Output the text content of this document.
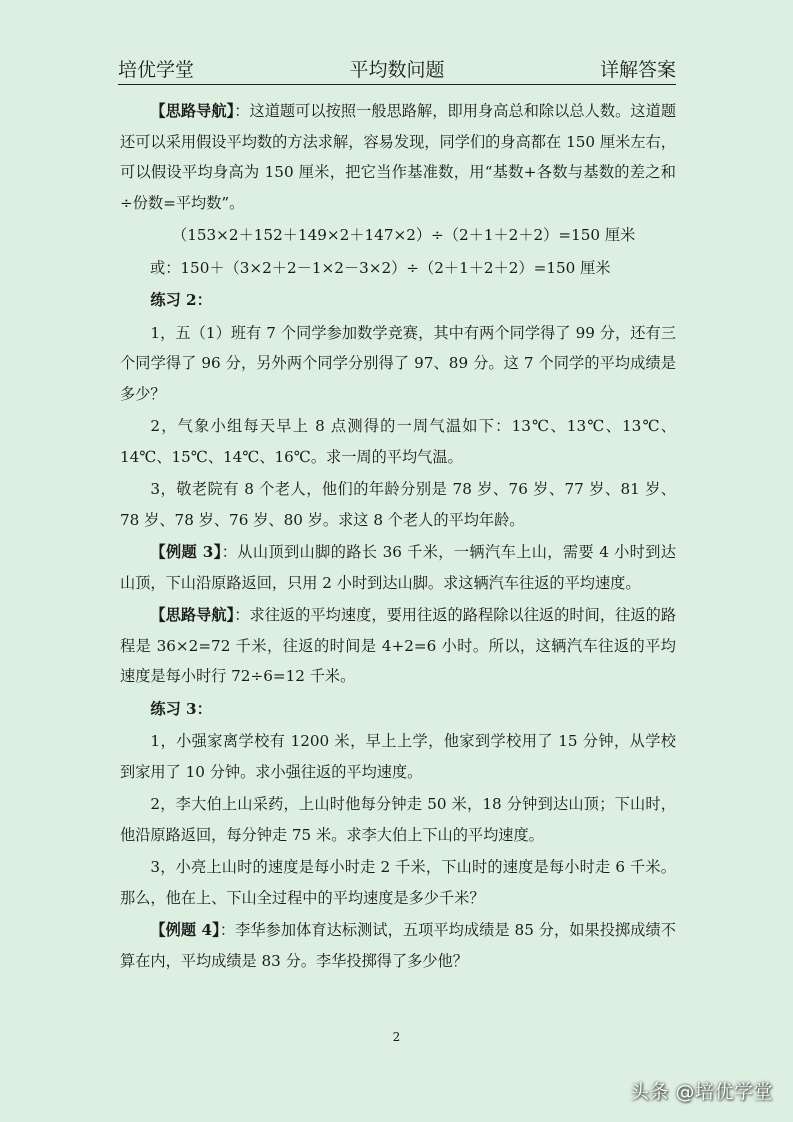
培优学堂	平均数问题	详解答案

【思路导航】：这道题可以按照一般思路解，即用身高总和除以总人数。这道题还可以采用假设平均数的方法求解，容易发现，同学们的身高都在 150 厘米左右，可以假设平均身高为 150 厘米，把它当作基准数，用“基数+各数与基数的差之和÷份数=平均数”。

（153×2＋152＋149×2＋147×2）÷（2＋1＋2＋2）=150 厘米

或：150＋（3×2＋2－1×2－3×2）÷（2＋1＋2＋2）=150 厘米

练习 2：

1，五（1）班有 7 个同学参加数学竞赛，其中有两个同学得了 99 分，还有三个同学得了 96 分，另外两个同学分别得了 97、89 分。这 7 个同学的平均成绩是多少？

2，气象小组每天早上 8 点测得的一周气温如下：13℃、13℃、13℃、14℃、15℃、14℃、16℃。求一周的平均气温。

3，敬老院有 8 个老人，他们的年龄分别是 78 岁、76 岁、77 岁、81 岁、78 岁、78 岁、76 岁、80 岁。求这 8 个老人的平均年龄。

【例题 3】：从山顶到山脚的路长 36 千米，一辆汽车上山，需要 4 小时到达山顶，下山沿原路返回，只用 2 小时到达山脚。求这辆汽车往返的平均速度。

【思路导航】：求往返的平均速度，要用往返的路程除以往返的时间，往返的路程是 36×2=72 千米，往返的时间是 4+2=6 小时。所以，这辆汽车往返的平均速度是每小时行 72÷6=12 千米。

练习 3：

1，小强家离学校有 1200 米，早上上学，他家到学校用了 15 分钟，从学校到家用了 10 分钟。求小强往返的平均速度。

2，李大伯上山采药，上山时他每分钟走 50 米，18 分钟到达山顶；下山时，他沿原路返回，每分钟走 75 米。求李大伯上下山的平均速度。

3，小亮上山时的速度是每小时走 2 千米，下山时的速度是每小时走 6 千米。那么，他在上、下山全过程中的平均速度是多少千米？

【例题 4】：李华参加体育达标测试，五项平均成绩是 85 分，如果投掷成绩不算在内，平均成绩是 83 分。李华投掷得了多少他？

2
头条 @培优学堂
